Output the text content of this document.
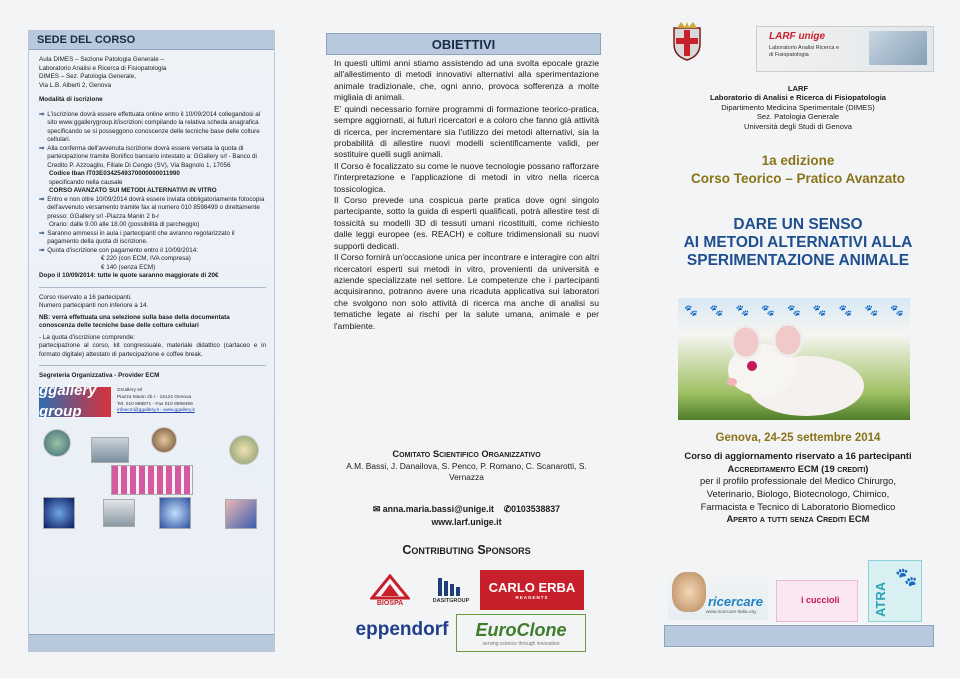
SEDE DEL CORSO

Aula DIMES – Sezione Patologia Generale –
Laboratorio Analisi e Ricerca di Fisiopatologia
DIMES – Sez. Patologia Generale,
Via L.B. Alberti 2, Genova

Modalità di iscrizione

⇒ L'iscrizione dovrà essere effettuata online entro il 10/09/2014 collegandosi al sito www.ggallerygroup.it/iscrizioni compilando la relativa scheda anagrafica specificando se si posseggono conoscenze delle tecniche base delle colture cellulari.
⇒ Alla conferma dell'avvenuta iscrizione dovrà essere versata la quota di partecipazione tramite Bonifico bancario intestato a: GGallery srl - Banco di Credito P. Azzoaglio, Filiale Di Cengio (SV), Via Bagnolo 1, 17056
Codice Iban IT03E0342549370000000011990
specificando nella causale
CORSO AVANZATO SUI METODI ALTERNATIVI IN VITRO
⇒ Entro e non oltre 10/09/2014 dovrà essere inviata obbligatoriamente fotocopia dell'avvenuto versamento tramite fax al numero 010 8598499 o direttamente presso: GGallery srl -Piazza Manin 2 b-r
Orario: dalle 9.00 alle 18.00 (possibilità di parcheggio)
⇒ Saranno ammessi in aula i partecipanti che avranno regolarizzato il pagamento della quota di iscrizione.
⇒ Quota d'iscrizione con pagamento entro il 10/09/2014:
€ 220 (con ECM, IVA compresa)
€ 140 (senza ECM)
Dopo il 10/09/2014: tutte le quote saranno maggiorate di 20€
Corso riservato a 16 partecipanti.
Numero partecipanti non inferiore a 14.
NB: verrà effettuata una selezione sulla base della documentata conoscenza delle tecniche base delle colture cellulari
- La quota d'iscrizione comprende:
partecipazione al corso, kit congressuale, materiale didattico (cartaceo e in formato digitale) attestato di partecipazione e coffee break.
Segreteria Organizzativa - Provider ECM
ggallery group
GGallery srl
Piazza Manin 2b r - 16122 Genova
Tel. 010 888871 - Fax 010 8598499
infoecm@ggallery.it - www.ggallery.it
OBIETTIVI

In questi ultimi anni stiamo assistendo ad una svolta epocale grazie all'allestimento di metodi innovativi alternativi alla sperimentazione animale tradizionale, che, ogni anno, provoca sofferenza a molte migliaia di animali.

E' quindi necessario fornire programmi di formazione teorico-pratica, sempre aggiornati, ai futuri ricercatori e a coloro che fanno già attività di ricerca, per incrementare sia l'utilizzo dei metodi alternativi, sia la probabilità di allestire nuovi modelli scientificamente validi, per sostituire quelli sugli animali.

Il Corso è focalizzato su come le nuove tecnologie possano rafforzare l'interpretazione e l'applicazione di metodi in vitro nella ricerca tossicologica.

Il Corso prevede una cospicua parte pratica dove ogni singolo partecipante, sotto la guida di esperti qualificati, potrà allestire test di tossicità su modelli 3D di tessuti umani ricostituiti, come richiesto dalle leggi europee (es. REACH) e colture tridimensionali su nuovi supporti dedicati.

Il Corso fornirà un'occasione unica per incontrare e interagire con altri ricercatori esperti sui metodi in vitro, provenienti da università e aziende specializzate nel settore. Le competenze che i partecipanti acquisiranno, potranno avere una ricaduta applicativa sui laboratori che svolgono non solo attività di ricerca ma anche di analisi su tematiche legate ai rischi per la salute umana, animale e per l'ambiente.

Comitato Scientifico Organizzativo
A.M. Bassi, J. Danailova, S. Penco, P. Romano, C. Scanarotti, S. Vernazza
✉ anna.maria.bassi@unige.it ✆0103538837
www.larf.unige.it
Contributing Sponsors
BIOSPA	DASITGROUP
CARLO ERBA
REAGENTS
eppendorf EuroClone
serving science through innovation
LARF unige
Laboratorio Analisi Ricerca e di Fisiopatologia
LARF
Laboratorio di Analisi e Ricerca di Fisiopatologia
Dipartimento Medicina Sperimentale (DIMES)
Sez. Patologia Generale
Università degli Studi di Genova
1a edizione
Corso Teorico – Pratico Avanzato
DARE UN SENSO
AI METODI ALTERNATIVI ALLA
SPERIMENTAZIONE ANIMALE
🐾 🐾 🐾 🐾 🐾 🐾 🐾 🐾 🐾
Genova, 24-25 settembre 2014
Corso di aggiornamento riservato a 16 partecipanti
Accreditamento ECM (19 crediti)
per il profilo professionale del Medico Chirurgo,
Veterinario, Biologo, Biotecnologo, Chimico,
Farmacista e Tecnico di Laboratorio Biomedico
Aperto a tutti senza Crediti ECM
ricercare
www.ricercare-italia.org
i cuccioli	ATRA
🐾
